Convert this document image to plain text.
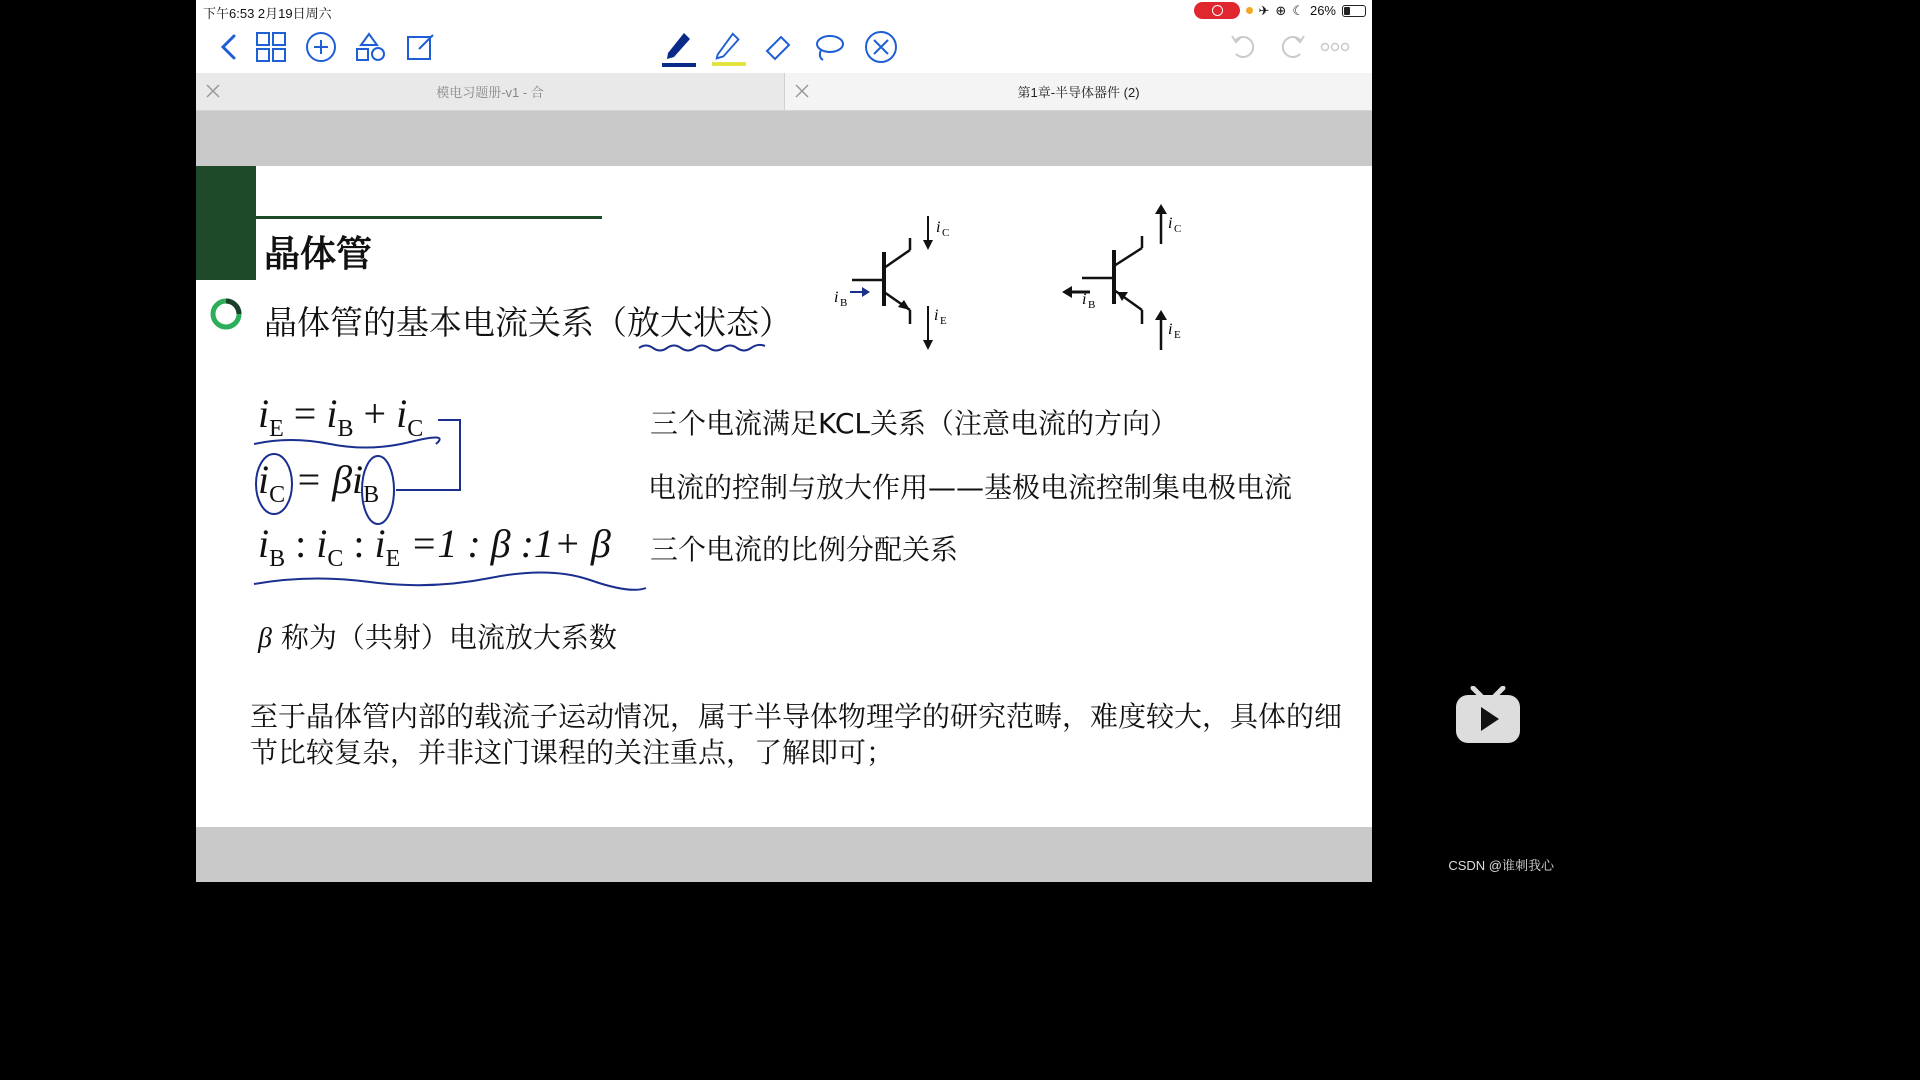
下午6:53 2月19日周六	✈ ⊕ ☾ 26%
模电习题册-v1 - 合	第1章-半导体器件 (2)
晶体管
晶体管的基本电流关系（放大状态）
i C
i B
i E
i C
i B
i E
$i_E = i_B + i_C$
$i_C = \beta i_B$
$i_B$ : $i_C$ : $i_E =1$ : β :1+ β
三个电流满足KCL关系（注意电流的方向）
电流的控制与放大作用——基极电流控制集电极电流
三个电流的比例分配关系
β 称为（共射）电流放大系数
至于晶体管内部的载流子运动情况，属于半导体物理学的研究范畴，难度较大，具体的细节比较复杂，并非这门课程的关注重点，了解即可；
CSDN @谁刺我心
